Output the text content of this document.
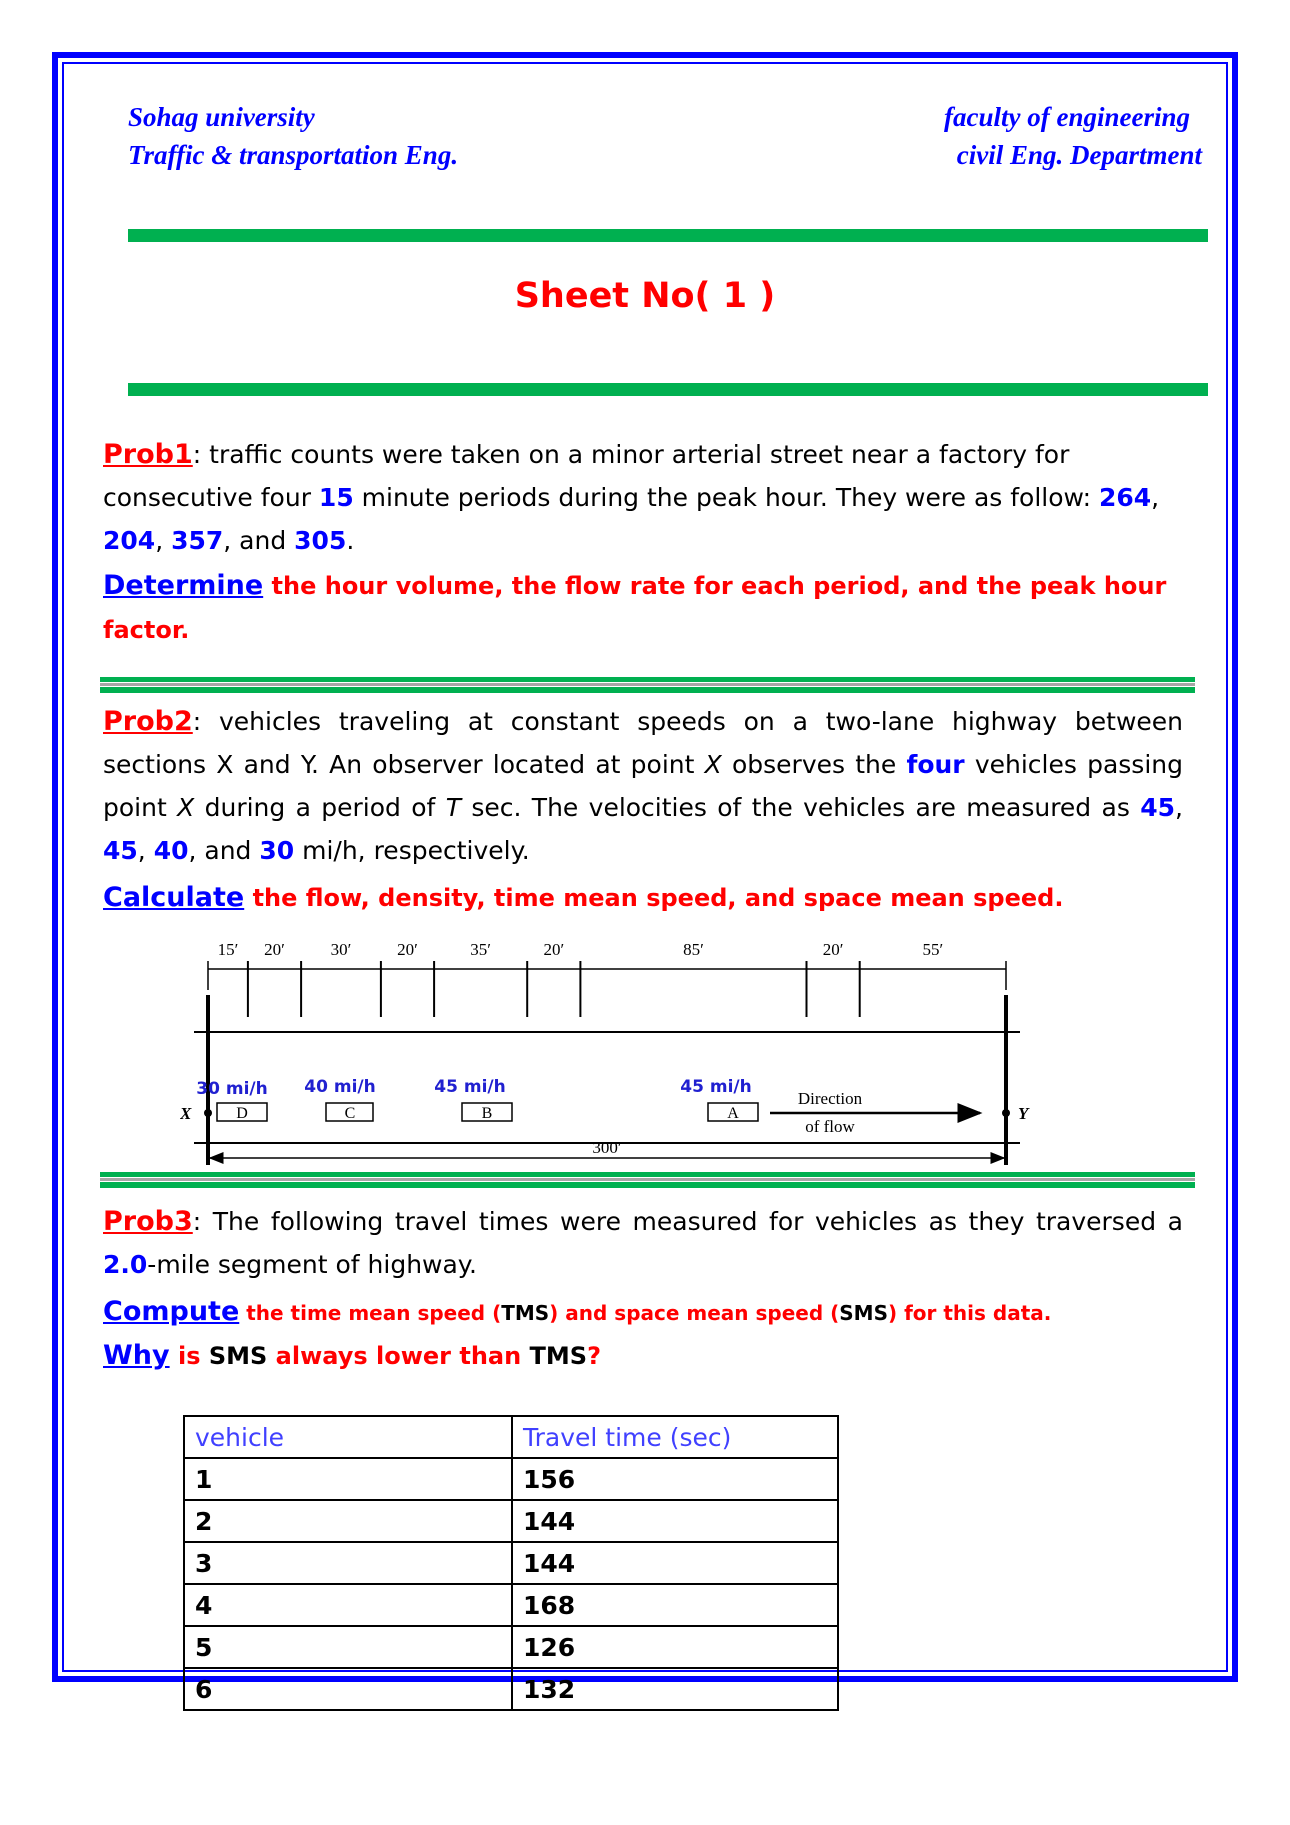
Sohag university
Traffic & transportation Eng.
faculty of engineering
civil Eng. Department
Sheet No( 1 )
Prob1: traffic counts were taken on a minor arterial street near a factory for consecutive four 15 minute periods during the peak hour. They were as follow: 264, 204, 357, and 305.
Determine the hour volume, the flow rate for each period, and the peak hour factor.
Prob2: vehicles traveling at constant speeds on a two-lane highway between sections X and Y. An observer located at point X observes the four vehicles passing point X during a period of T sec. The velocities of the vehicles are measured as 45, 45, 40, and 30 mi/h, respectively.
Calculate the flow, density, time mean speed, and space mean speed.
X	Y
300′
15′ 20′	30′	20′	35′	20′	85′	20′	55′
D
30 mi/h
C
40 mi/h
B
45 mi/h
A
45 mi/h
Direction
of flow
Prob3: The following travel times were measured for vehicles as they traversed a 2.0-mile segment of highway.
Compute the time mean speed (TMS) and space mean speed (SMS) for this data.
Why is SMS always lower than TMS?
vehicle	Travel time (sec)
1	156
2	144
3	144
4	168
5	126
6	132
